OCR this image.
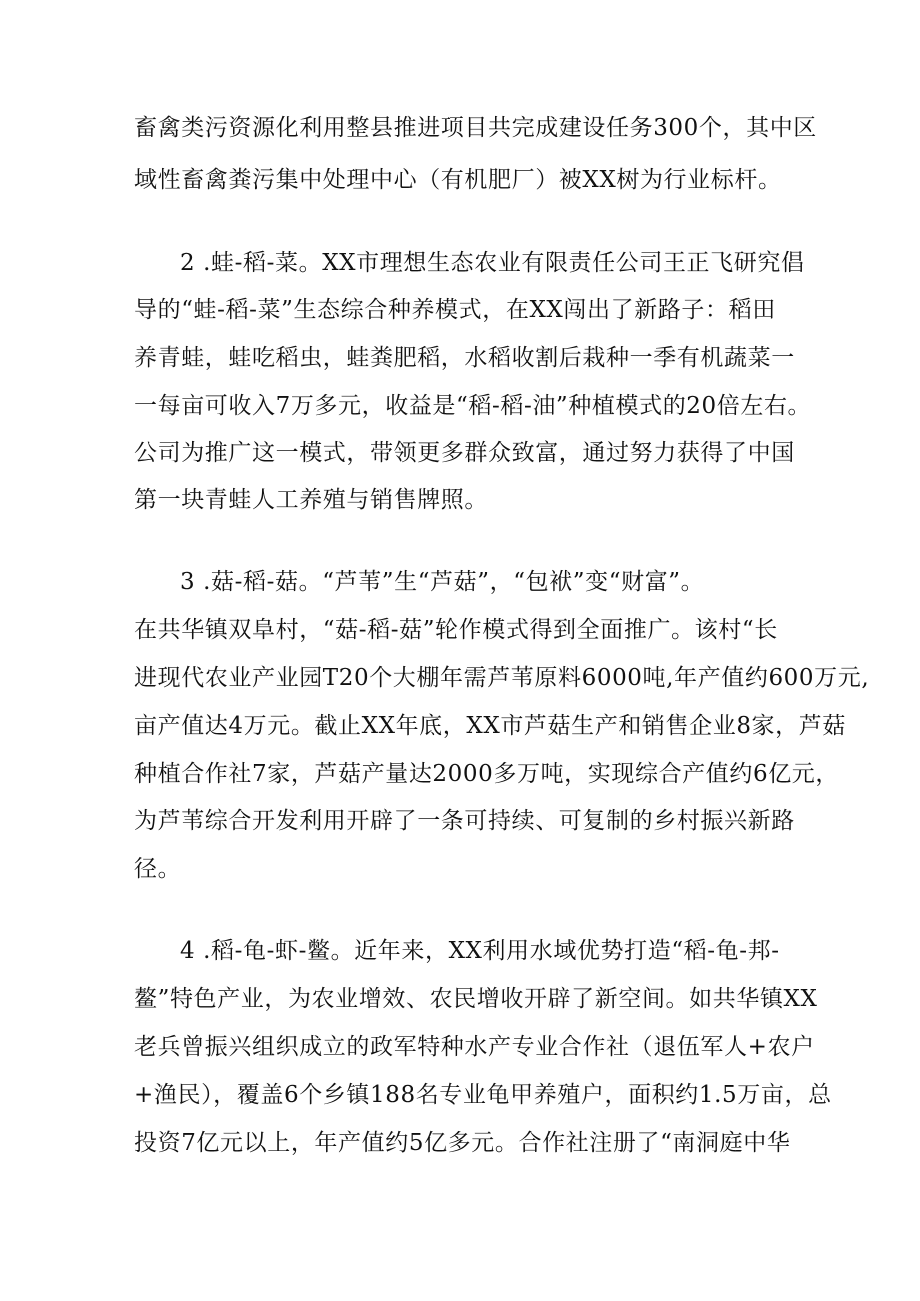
畜禽类污资源化利用整县推进项目共完成建设任务300个，其中区
域性畜禽粪污集中处理中心（有机肥厂）被XX树为行业标杆。
2 .蛙-稻-菜。XX市理想生态农业有限责任公司王正飞研究倡
导的“蛙-稻-菜”生态综合种养模式，在XX闯出了新路子：稻田
养青蛙，蛙吃稻虫，蛙粪肥稻，水稻收割后栽种一季有机蔬菜一
一每亩可收入7万多元，收益是“稻-稻-油”种植模式的20倍左右。
公司为推广这一模式，带领更多群众致富，通过努力获得了中国
第一块青蛙人工养殖与销售牌照。
3 .菇-稻-菇。“芦苇”生“芦菇”，“包袱”变“财富”。
在共华镇双阜村，“菇-稻-菇”轮作模式得到全面推广。该村“长
进现代农业产业园T20个大棚年需芦苇原料6000吨,年产值约600万元,
亩产值达4万元。截止XX年底，XX市芦菇生产和销售企业8家，芦菇
种植合作社7家，芦菇产量达2000多万吨，实现综合产值约6亿元，
为芦苇综合开发利用开辟了一条可持续、可复制的乡村振兴新路
径。
4 .稻-龟-虾-鳖。近年来，XX利用水域优势打造“稻-龟-邦-
鳌”特色产业，为农业增效、农民增收开辟了新空间。如共华镇XX
老兵曾振兴组织成立的政军特种水产专业合作社（退伍军人+农户
+渔民），覆盖6个乡镇188名专业龟甲养殖户，面积约1.5万亩，总
投资7亿元以上，年产值约5亿多元。合作社注册了“南洞庭中华
